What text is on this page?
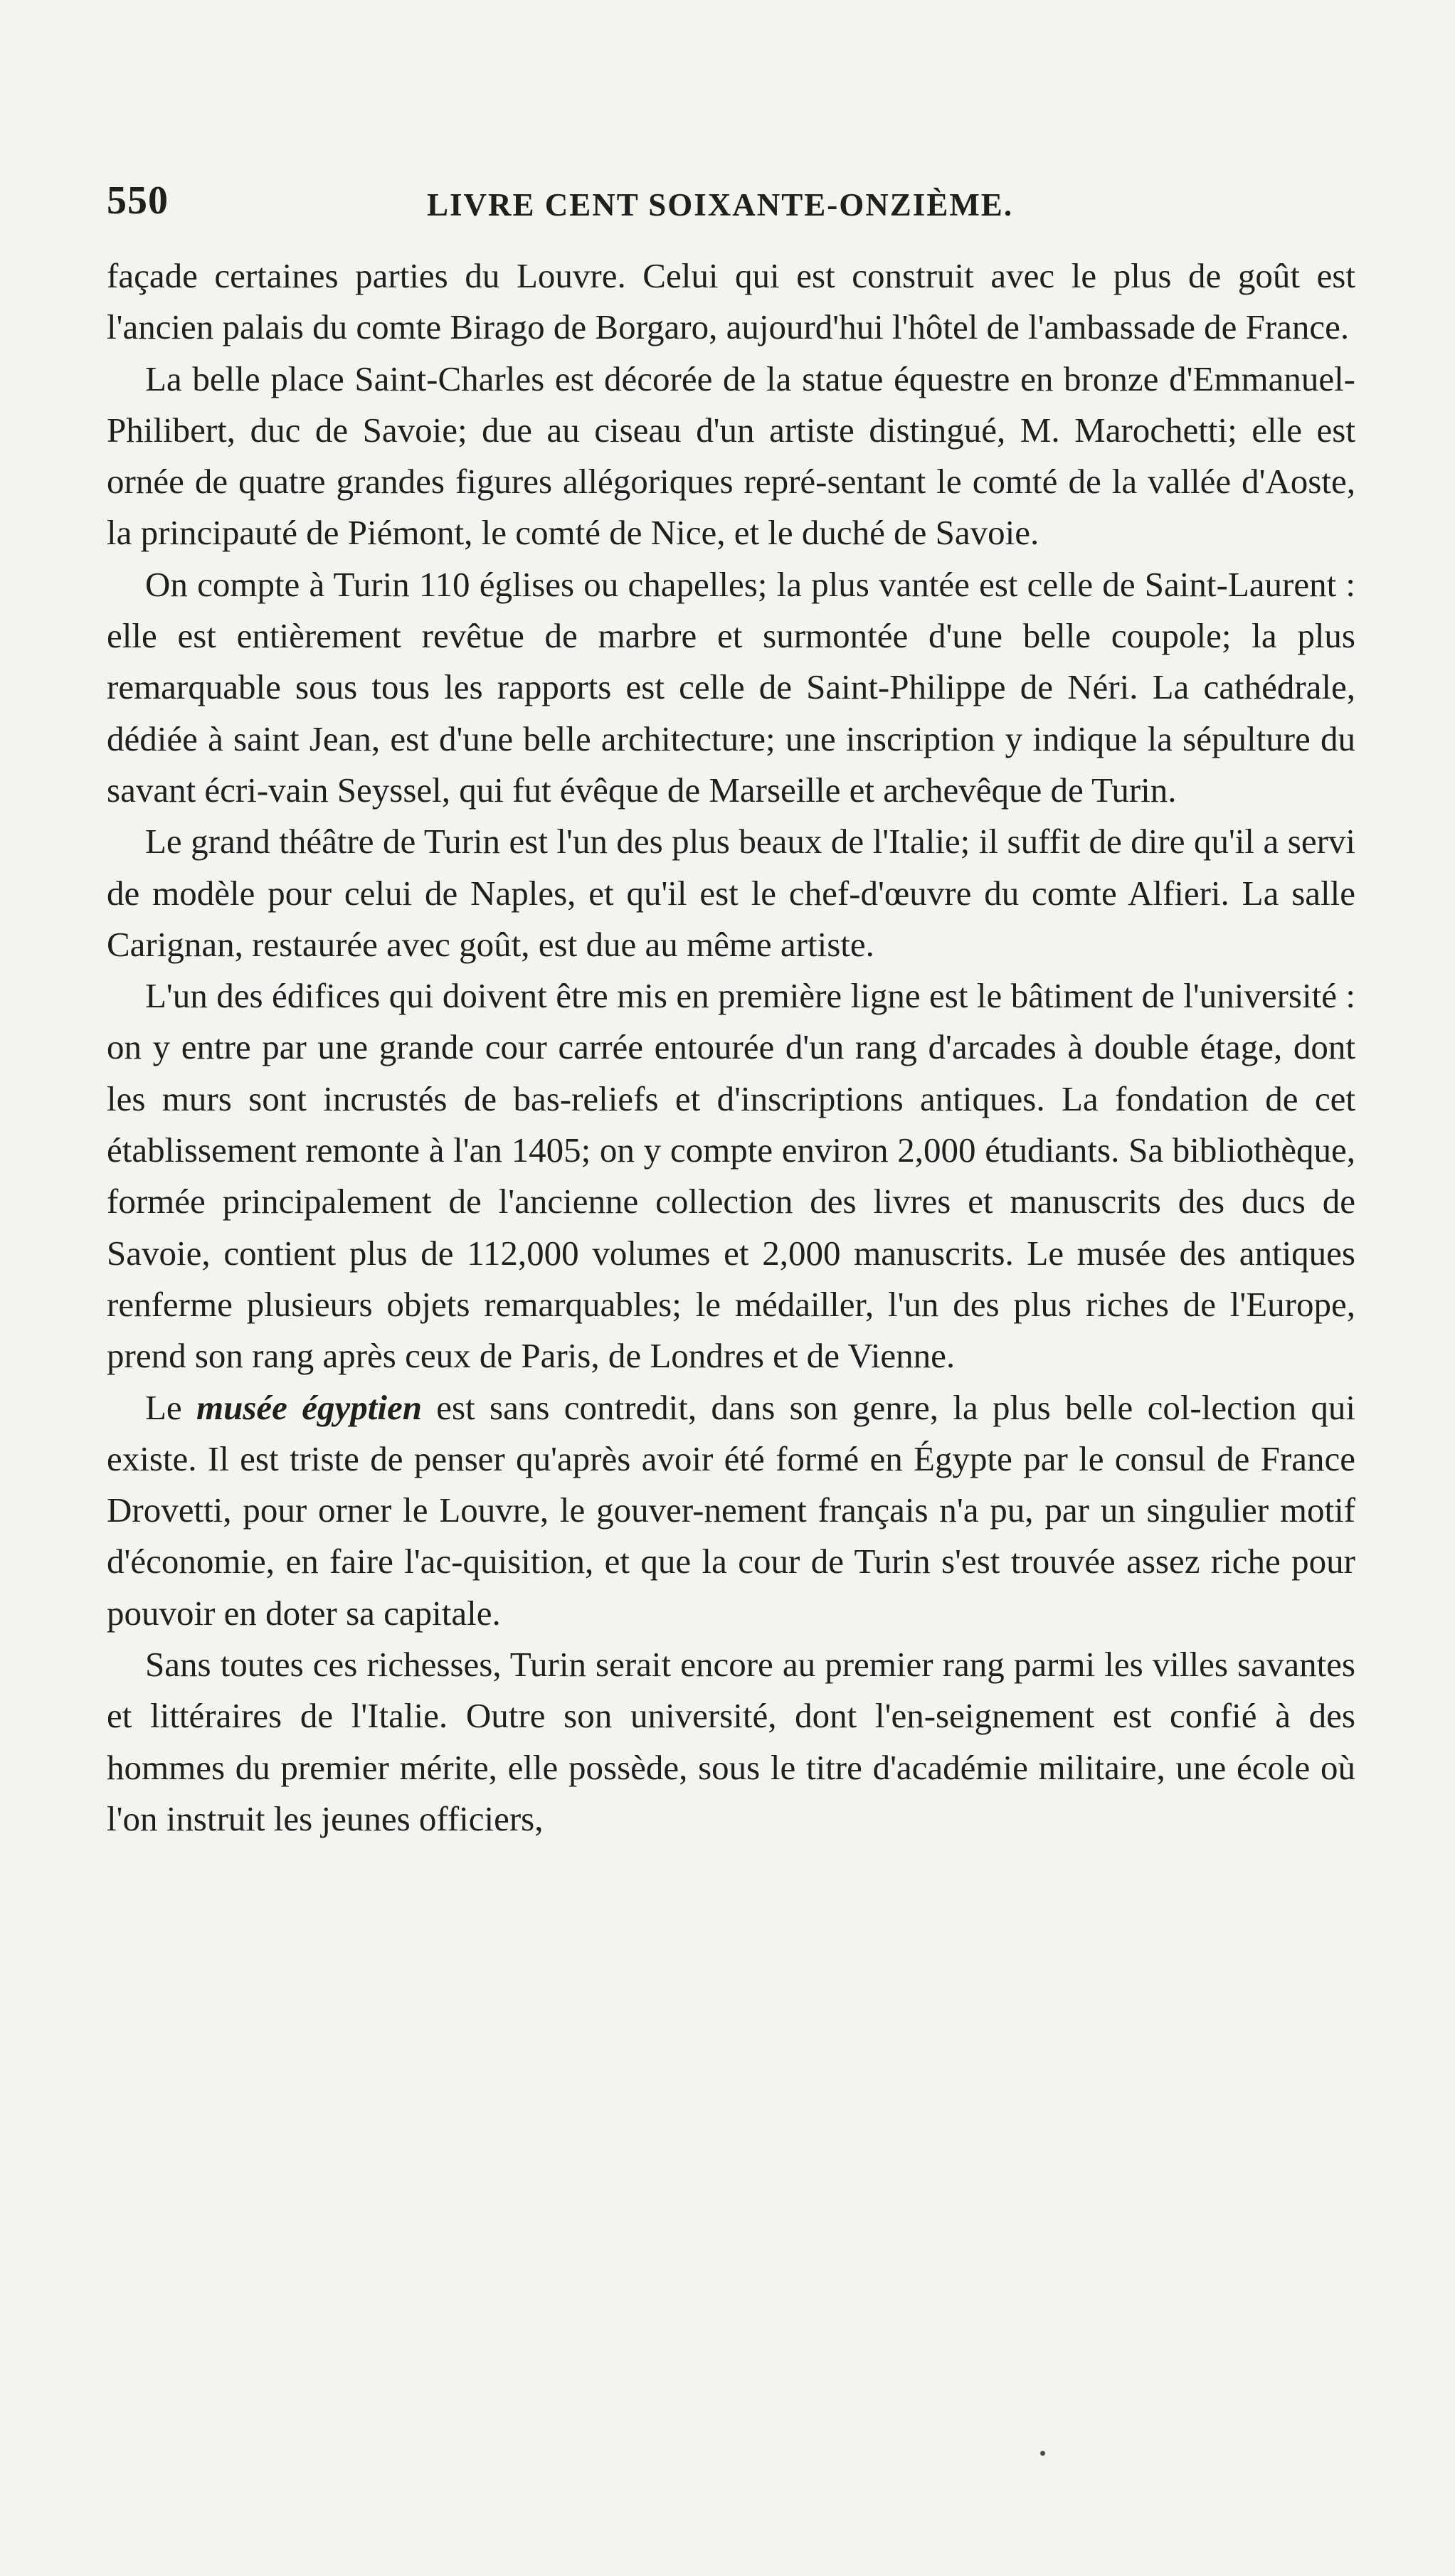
550	LIVRE CENT SOIXANTE-ONZIÈME.

façade certaines parties du Louvre. Celui qui est construit avec le plus de goût est l'ancien palais du comte Birago de Borgaro, aujourd'hui l'hôtel de l'ambassade de France.

La belle place Saint-Charles est décorée de la statue équestre en bronze d'Emmanuel-Philibert, duc de Savoie; due au ciseau d'un artiste distingué, M. Marochetti; elle est ornée de quatre grandes figures allégoriques repré-sentant le comté de la vallée d'Aoste, la principauté de Piémont, le comté de Nice, et le duché de Savoie.

On compte à Turin 110 églises ou chapelles; la plus vantée est celle de Saint-Laurent : elle est entièrement revêtue de marbre et surmontée d'une belle coupole; la plus remarquable sous tous les rapports est celle de Saint-Philippe de Néri. La cathédrale, dédiée à saint Jean, est d'une belle architecture; une inscription y indique la sépulture du savant écri-vain Seyssel, qui fut évêque de Marseille et archevêque de Turin.

Le grand théâtre de Turin est l'un des plus beaux de l'Italie; il suffit de dire qu'il a servi de modèle pour celui de Naples, et qu'il est le chef-d'œuvre du comte Alfieri. La salle Carignan, restaurée avec goût, est due au même artiste.

L'un des édifices qui doivent être mis en première ligne est le bâtiment de l'université : on y entre par une grande cour carrée entourée d'un rang d'arcades à double étage, dont les murs sont incrustés de bas-reliefs et d'inscriptions antiques. La fondation de cet établissement remonte à l'an 1405; on y compte environ 2,000 étudiants. Sa bibliothèque, formée principalement de l'ancienne collection des livres et manuscrits des ducs de Savoie, contient plus de 112,000 volumes et 2,000 manuscrits. Le musée des antiques renferme plusieurs objets remarquables; le médailler, l'un des plus riches de l'Europe, prend son rang après ceux de Paris, de Londres et de Vienne.

Le musée égyptien est sans contredit, dans son genre, la plus belle col-lection qui existe. Il est triste de penser qu'après avoir été formé en Égypte par le consul de France Drovetti, pour orner le Louvre, le gouver-nement français n'a pu, par un singulier motif d'économie, en faire l'ac-quisition, et que la cour de Turin s'est trouvée assez riche pour pouvoir en doter sa capitale.

Sans toutes ces richesses, Turin serait encore au premier rang parmi les villes savantes et littéraires de l'Italie. Outre son université, dont l'en-seignement est confié à des hommes du premier mérite, elle possède, sous le titre d'académie militaire, une école où l'on instruit les jeunes officiers,
